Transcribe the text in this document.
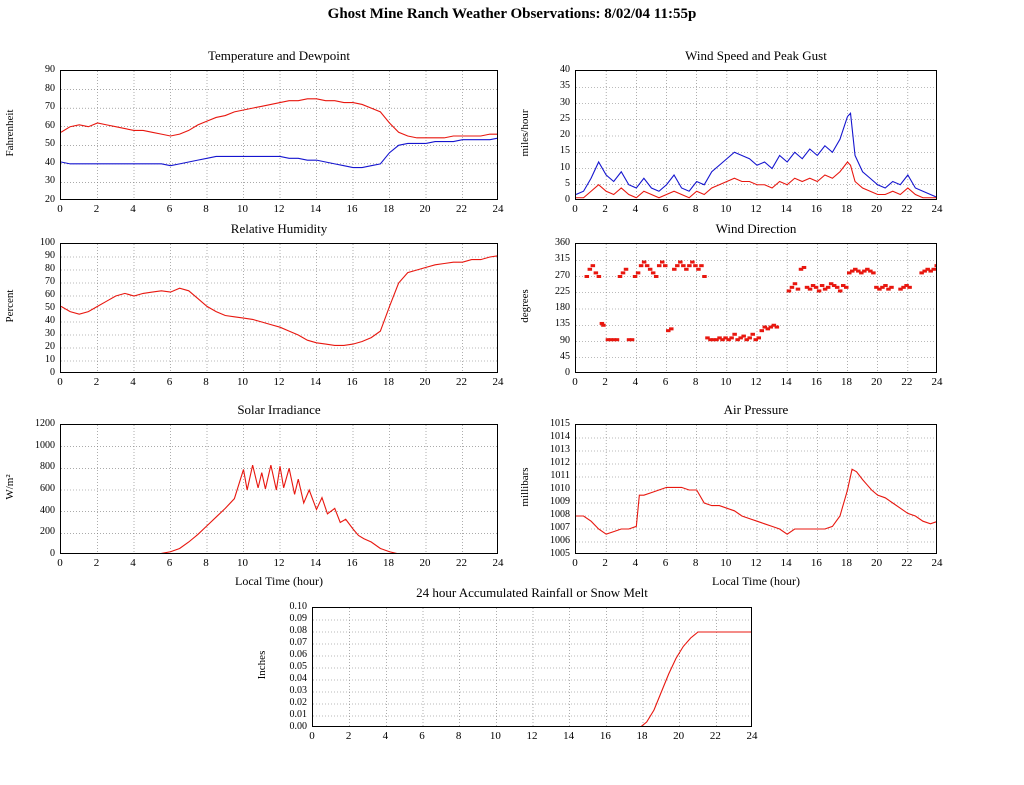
Ghost Mine Ranch Weather Observations: 8/02/04 11:55p
Temperature and Dewpoint
20
30
40
50
60
70
80
90
0	2	4	6	8	10	12	14	16	18	20	22	24
Fahrenheit
Wind Speed and Peak Gust
0
5
10
15
20
25
30
35
40
0	2	4	6	8	10	12	14	16	18	20	22	24
miles/hour
Relative Humidity
0
10
20
30
40
50
60
70
80
90
100
0	2	4	6	8	10	12	14	16	18	20	22	24
Percent
Wind Direction
0
45
90
135
180
225
270
315
360
0	2	4	6	8	10	12	14	16	18	20	22	24
degrees
Solar Irradiance
0
200
400
600
800
1000
1200
0	2	4	6	8	10	12	14	16	18	20	22	24
W/m²
Local Time (hour)
Air Pressure
1005
1006
1007
1008
1009
1010
1011
1012
1013
1014
1015
0	2	4	6	8	10	12	14	16	18	20	22	24
millibars
Local Time (hour)
24 hour Accumulated Rainfall or Snow Melt
0.00
0.01
0.02
0.03
0.04
0.05
0.06
0.07
0.08
0.09
0.10
0	2	4	6	8	10	12	14	16	18	20	22	24
Inches
